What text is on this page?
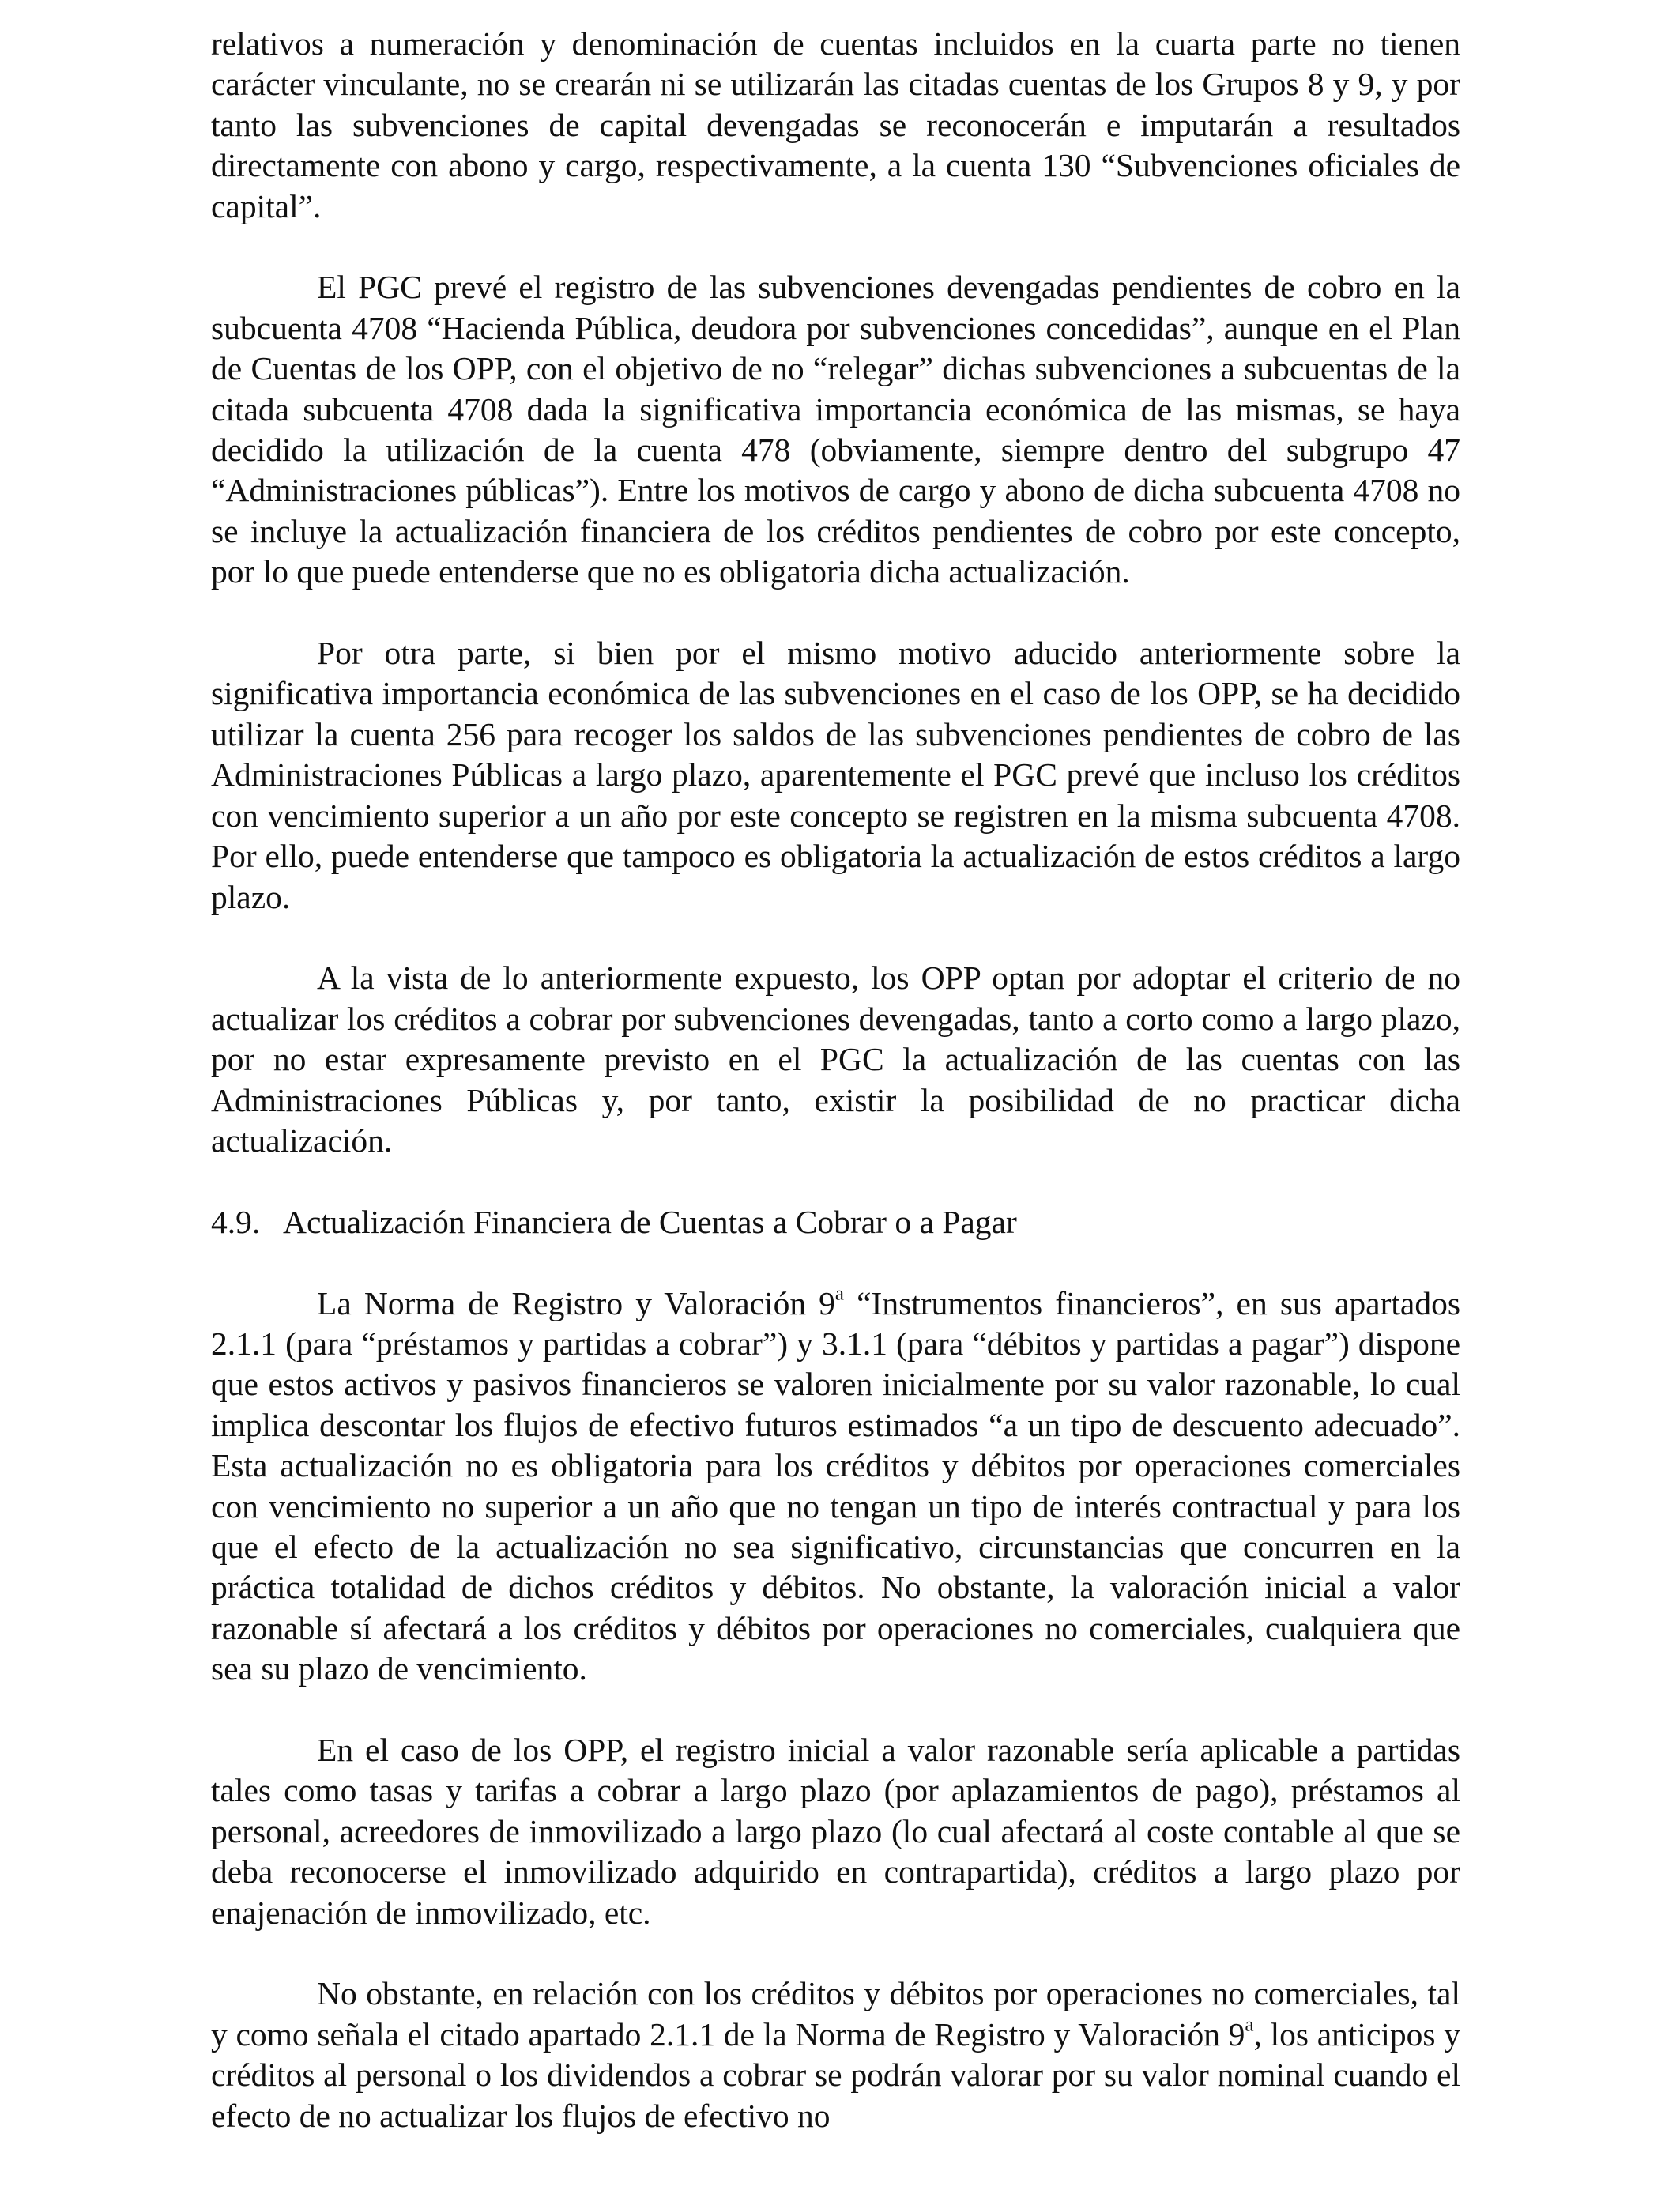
relativos a numeración y denominación de cuentas incluidos en la cuarta parte no tienen carácter vinculante, no se crearán ni se utilizarán las citadas cuentas de los Grupos 8 y 9, y por tanto las subvenciones de capital devengadas se reconocerán e imputarán a resultados directamente con abono y cargo, respectivamente, a la cuenta 130 “Subvenciones oficiales de capital”.

El PGC prevé el registro de las subvenciones devengadas pendientes de cobro en la subcuenta 4708 “Hacienda Pública, deudora por subvenciones concedidas”, aunque en el Plan de Cuentas de los OPP, con el objetivo de no “relegar” dichas subvenciones a subcuentas de la citada subcuenta 4708 dada la significativa importancia económica de las mismas, se haya decidido la utilización de la cuenta 478 (obviamente, siempre dentro del subgrupo 47 “Administraciones públicas”). Entre los motivos de cargo y abono de dicha subcuenta 4708 no se incluye la actualización financiera de los créditos pendientes de cobro por este concepto, por lo que puede entenderse que no es obligatoria dicha actualización.

Por otra parte, si bien por el mismo motivo aducido anteriormente sobre la significativa importancia económica de las subvenciones en el caso de los OPP, se ha decidido utilizar la cuenta 256 para recoger los saldos de las subvenciones pendientes de cobro de las Administraciones Públicas a largo plazo, aparentemente el PGC prevé que incluso los créditos con vencimiento superior a un año por este concepto se registren en la misma subcuenta 4708. Por ello, puede entenderse que tampoco es obligatoria la actualización de estos créditos a largo plazo.

A la vista de lo anteriormente expuesto, los OPP optan por adoptar el criterio de no actualizar los créditos a cobrar por subvenciones devengadas, tanto a corto como a largo plazo, por no estar expresamente previsto en el PGC la actualización de las cuentas con las Administraciones Públicas y, por tanto, existir la posibilidad de no practicar dicha actualización.

4.9. Actualización Financiera de Cuentas a Cobrar o a Pagar

La Norma de Registro y Valoración 9$^a$ “Instrumentos financieros”, en sus apartados 2.1.1 (para “préstamos y partidas a cobrar”) y 3.1.1 (para “débitos y partidas a pagar”) dispone que estos activos y pasivos financieros se valoren inicialmente por su valor razonable, lo cual implica descontar los flujos de efectivo futuros estimados “a un tipo de descuento adecuado”. Esta actualización no es obligatoria para los créditos y débitos por operaciones comerciales con vencimiento no superior a un año que no tengan un tipo de interés contractual y para los que el efecto de la actualización no sea significativo, circunstancias que concurren en la práctica totalidad de dichos créditos y débitos. No obstante, la valoración inicial a valor razonable sí afectará a los créditos y débitos por operaciones no comerciales, cualquiera que sea su plazo de vencimiento.

En el caso de los OPP, el registro inicial a valor razonable sería aplicable a partidas tales como tasas y tarifas a cobrar a largo plazo (por aplazamientos de pago), préstamos al personal, acreedores de inmovilizado a largo plazo (lo cual afectará al coste contable al que se deba reconocerse el inmovilizado adquirido en contrapartida), créditos a largo plazo por enajenación de inmovilizado, etc.

No obstante, en relación con los créditos y débitos por operaciones no comerciales, tal y como señala el citado apartado 2.1.1 de la Norma de Registro y Valoración 9$^a$, los anticipos y créditos al personal o los dividendos a cobrar se podrán valorar por su valor nominal cuando el efecto de no actualizar los flujos de efectivo no
